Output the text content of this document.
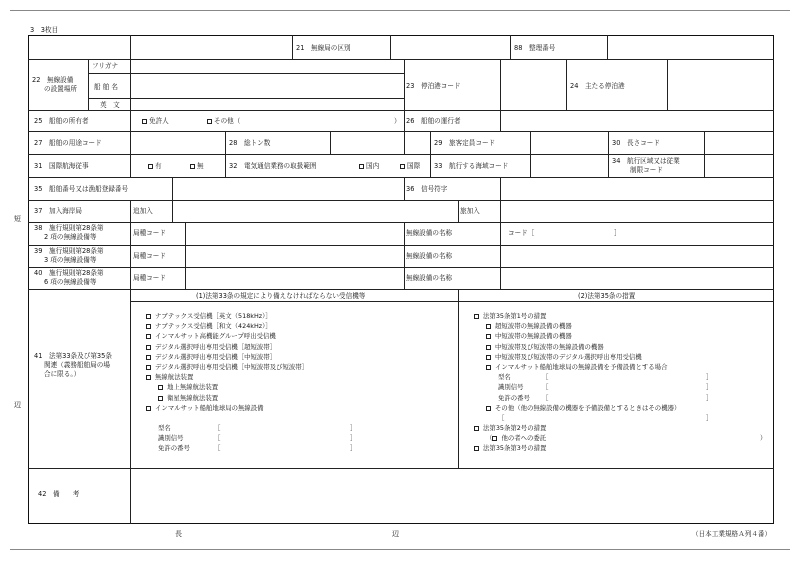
3　3枚目
短
辺
21　無線局の区別	88　整理番号
22　無線設備
の設置場所
フリガナ
船 舶 名
英　文
23　停泊港コード	24　主たる停泊港
25　船舶の所有者	免許人	その他（	） 26　船舶の運行者
27　船舶の用途コード	28　総トン数	29　旅客定員コード	30　長さコード
31　国際航海従事	有	無	32　電気通信業務の取扱範囲	国内	国際 33　航行する海域コード
34　航行区域又は従業
制限コード
35　船舶番号又は漁船登録番号	36　信号符字
37　加入海岸局	追加入	旅加入
38　施行規則第28条第
2 項の無線設備等	局種コード	無線設備の名称	コード［	］
39　施行規則第28条第
3 項の無線設備等	局種コード	無線設備の名称
40　施行規則第28条第
6 項の無線設備等	局種コード	無線設備の名称
41　法第33条及び第35条
関連（義務船舶局の場
合に限る。）
(1)法第33条の規定により備えなければならない受信機等	(2)法第35条の措置
ナブテックス受信機［英文（518kHz）］
ナブテックス受信機［和文（424kHz）］
インマルサット高機能グループ呼出受信機
デジタル選択呼出専用受信機［超短波帯］
デジタル選択呼出専用受信機［中短波帯］
デジタル選択呼出専用受信機［中短波帯及び短波帯］
無線航法装置
地上無線航法装置
衛星無線航法装置
インマルサット船舶地球局の無線設備
型名	［	］
識別信号	［	］
免許の番号	［	］
法第35条第1号の措置
超短波帯の無線設備の機器
中短波帯の無線設備の機器
中短波帯及び短波帯の無線設備の機器
中短波帯及び短波帯のデジタル選択呼出専用受信機
インマルサット船舶地球局の無線設備を予備設備とする場合
型名	［	］
識別信号	［	］
免許の番号 ［	］
その他（他の無線設備の機器を予備設備とするときはその機器）
［	］
法第35条第2号の措置
（ 他の者への委託	）
法第35条第3号の措置
42　備　　考
長	辺	（日本工業規格Ａ列４番）
